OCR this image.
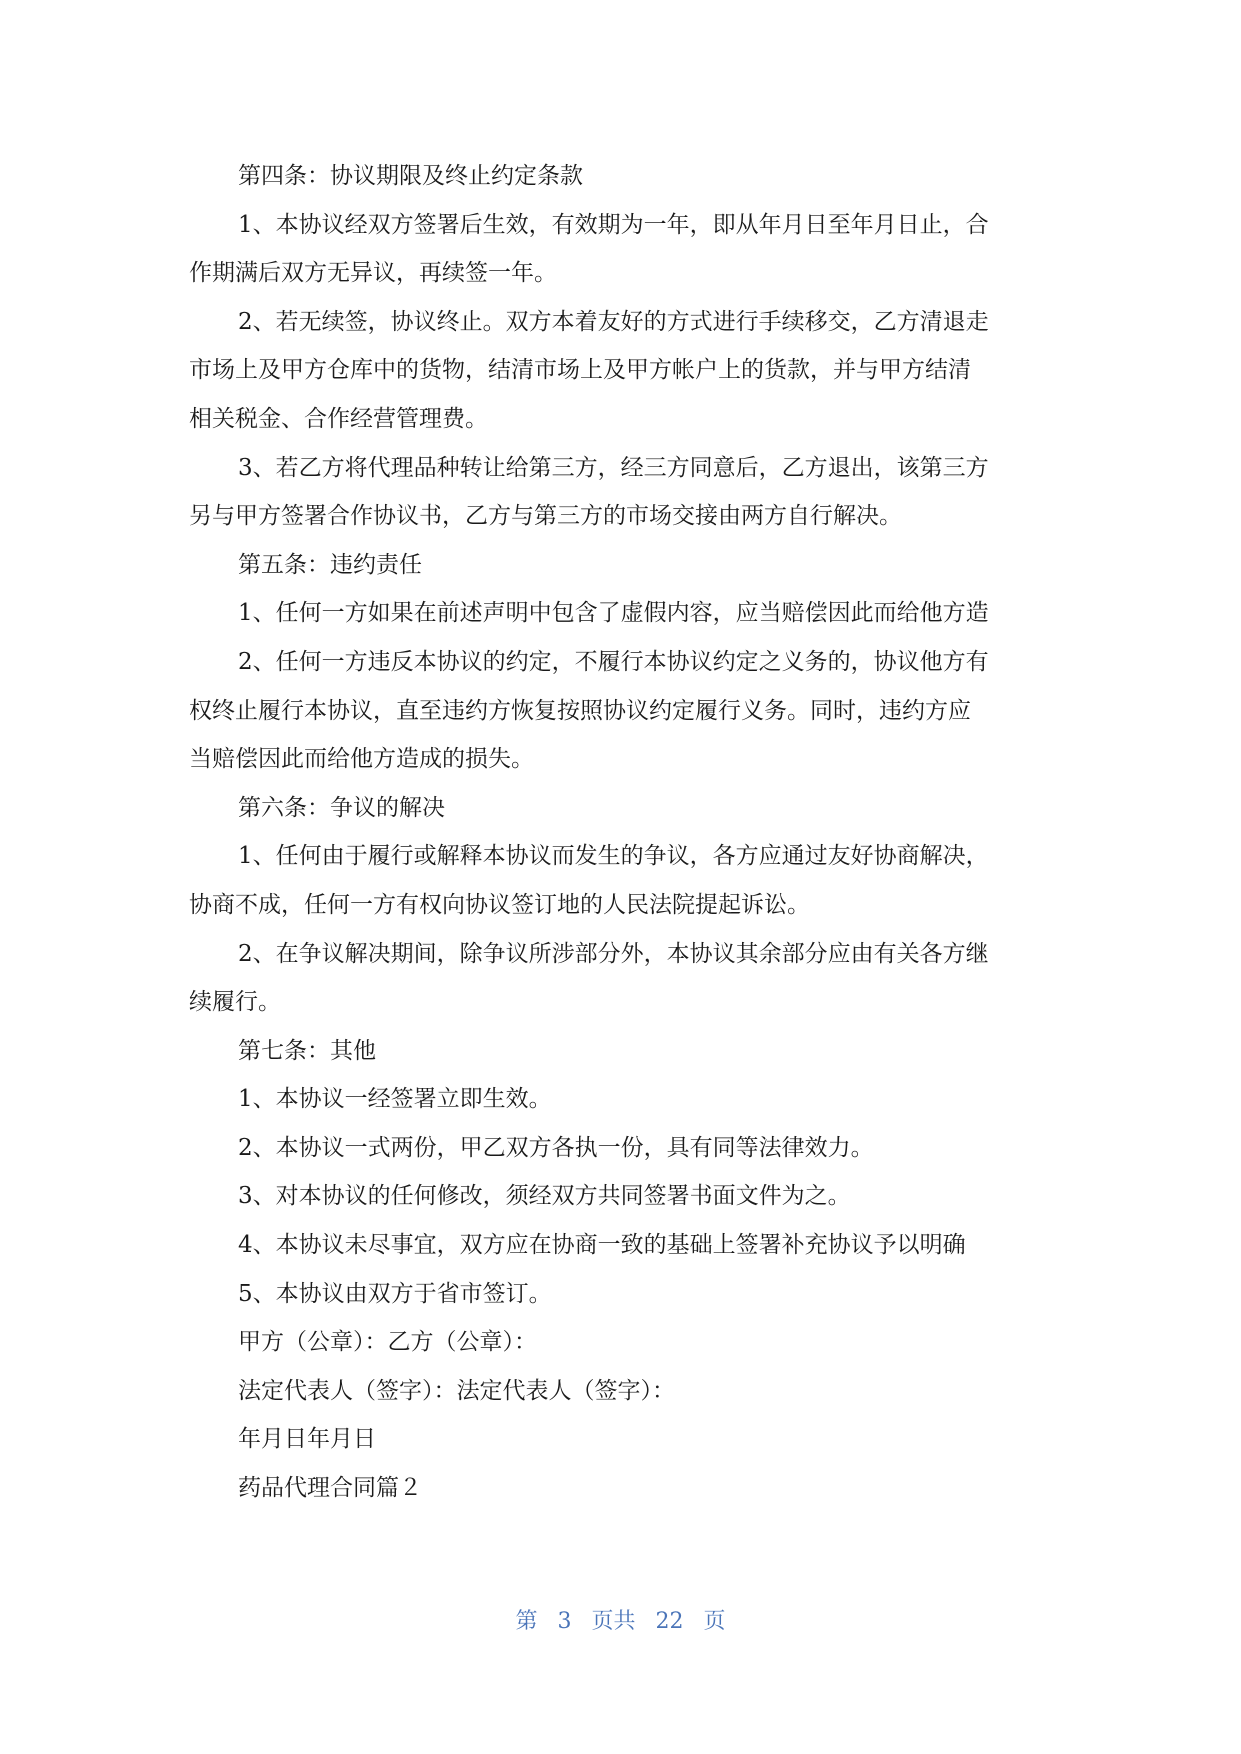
第四条：协议期限及终止约定条款

1、本协议经双方签署后生效，有效期为一年，即从年月日至年月日止，合

作期满后双方无异议，再续签一年。

2、若无续签，协议终止。双方本着友好的方式进行手续移交，乙方清退走

市场上及甲方仓库中的货物，结清市场上及甲方帐户上的货款，并与甲方结清

相关税金、合作经营管理费。

3、若乙方将代理品种转让给第三方，经三方同意后，乙方退出，该第三方

另与甲方签署合作协议书，乙方与第三方的市场交接由两方自行解决。

第五条：违约责任

1、任何一方如果在前述声明中包含了虚假内容，应当赔偿因此而给他方造

2、任何一方违反本协议的约定，不履行本协议约定之义务的，协议他方有

权终止履行本协议，直至违约方恢复按照协议约定履行义务。同时，违约方应

当赔偿因此而给他方造成的损失。

第六条：争议的解决

1、任何由于履行或解释本协议而发生的争议，各方应通过友好协商解决，

协商不成，任何一方有权向协议签订地的人民法院提起诉讼。

2、在争议解决期间，除争议所涉部分外，本协议其余部分应由有关各方继

续履行。

第七条：其他

1、本协议一经签署立即生效。

2、本协议一式两份，甲乙双方各执一份，具有同等法律效力。

3、对本协议的任何修改，须经双方共同签署书面文件为之。

4、本协议未尽事宜，双方应在协商一致的基础上签署补充协议予以明确

5、本协议由双方于省市签订。

甲方（公章）：乙方（公章）：

法定代表人（签字）：法定代表人（签字）：

年月日年月日

药品代理合同篇２

第 3 页共 22 页
